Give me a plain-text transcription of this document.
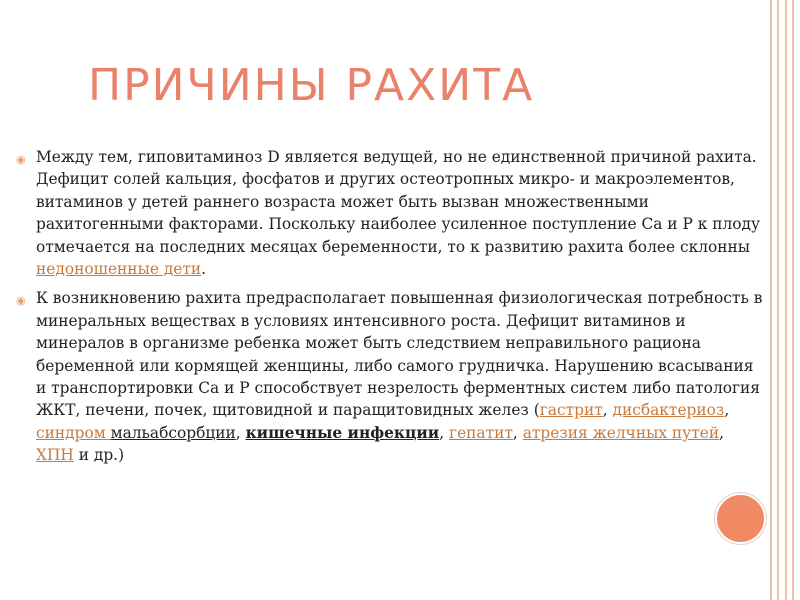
ПРИЧИНЫ РАХИТА

◉ Между тем, гиповитаминоз D является ведущей, но не единственной причиной рахита. Дефицит солей кальция, фосфатов и других остеотропных микро- и макроэлементов, витаминов у детей раннего возраста может быть вызван множественными рахитогенными факторами. Поскольку наиболее усиленное поступление Са и Р к плоду отмечается на последних месяцах беременности, то к развитию рахита более склонны недоношенные дети.

◉ К возникновению рахита предрасполагает повышенная физиологическая потребность в минеральных веществах в условиях интенсивного роста. Дефицит витаминов и минералов в организме ребенка может быть следствием неправильного рациона беременной или кормящей женщины, либо самого грудничка. Нарушению всасывания и транспортировки Са и Р способствует незрелость ферментных систем либо патология ЖКТ, печени, почек, щитовидной и паращитовидных желез (гастрит, дисбактериоз, синдром мальабсорбции, кишечные инфекции, гепатит, атрезия желчных путей, ХПН и др.)
